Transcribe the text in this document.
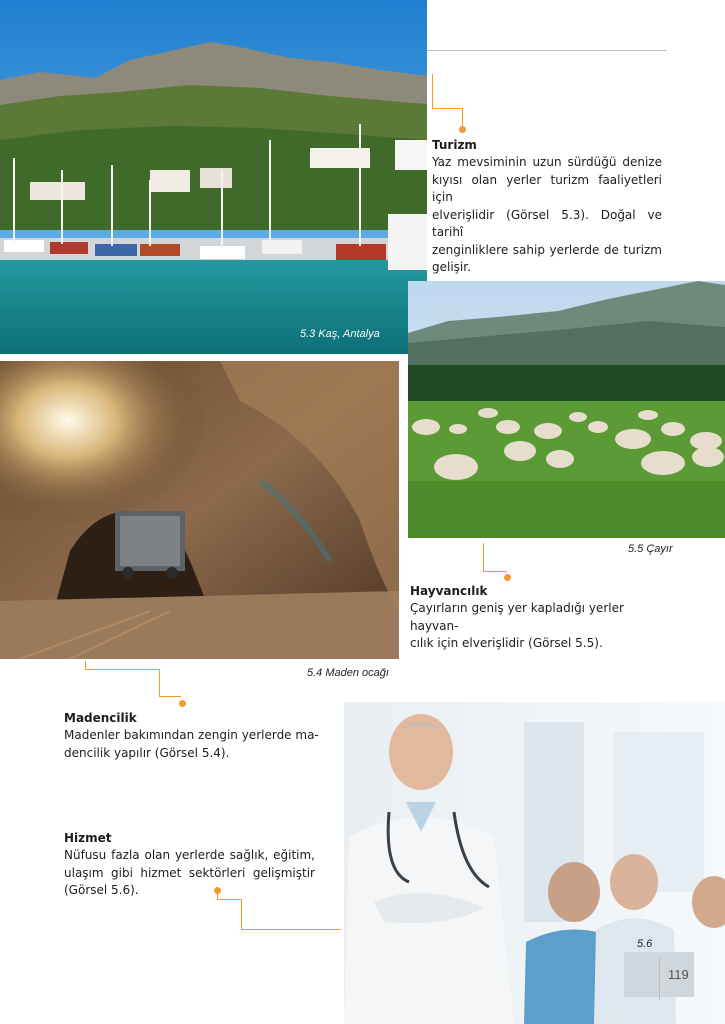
5.3 Kaş, Antalya
Turizm
Yaz mevsiminin uzun sürdüğü denize
kıyısı olan yerler turizm faaliyetleri için
elverişlidir (Görsel 5.3). Doğal ve tarihî
zenginliklere sahip yerlerde de turizm
gelişir.
5.5 Çayır
Hayvancılık
Çayırların geniş yer kapladığı yerler hayvan-
cılık için elverişlidir (Görsel 5.5).
5.4 Maden ocağı
Madencilik
Madenler bakımından zengin yerlerde ma-
dencilik yapılır (Görsel 5.4).
Hizmet
Nüfusu fazla olan yerlerde sağlık, eğitim,
ulaşım gibi hizmet sektörleri gelişmiştir
(Görsel 5.6).
5.6
119
